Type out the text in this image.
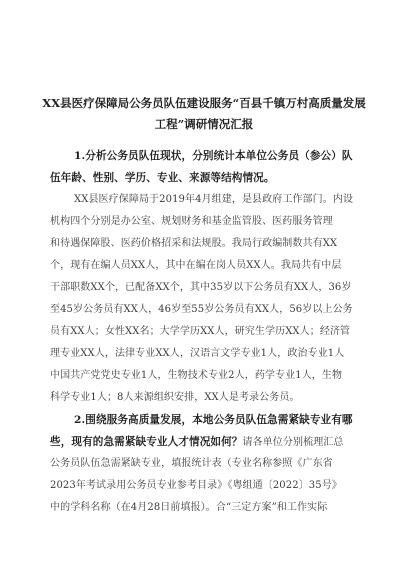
XX县医疗保障局公务员队伍建设服务“百县千镇万村高质量发展
工程”调研情况汇报
1.分析公务员队伍现状，分别统计本单位公务员（参公）队
伍年龄、性别、学历、专业、来源等结构情况。
XX县医疗保障局于2019年4月组建，是县政府工作部门。内设
机构四个分别是办公室、规划财务和基金监管股、医药服务管理
和待遇保障股、医药价格招采和法规股。我局行政编制数共有XX
个，现有在编人员XX人，其中在编在岗人员XX人。我局共有中层
干部职数XX个，已配备XX个，其中35岁以下公务员有XX人，36岁
至45岁公务员有XX人，46岁至55岁公务员有XX人，56岁以上公务
员有XX人；女性XX名；大学学历XX人，研究生学历XX人；经济管
理专业XX人，法律专业XX人，汉语言文学专业1人，政治专业1人
中国共产党党史专业1人，生物技术专业2人，药学专业1人，生物
科学专业1人；8人来源组织安排，XX人是考录公务员。
2.围绕服务高质量发展，本地公务员队伍急需紧缺专业有哪
些，现有的急需紧缺专业人才情况如何？请各单位分别梳理汇总
公务员队伍急需紧缺专业，填报统计表（专业名称参照《广东省
2023年考试录用公务员专业参考目录》《粤组通〔2022〕35号》
中的学科名称（在4月28日前填报）。合“三定方案”和工作实际
